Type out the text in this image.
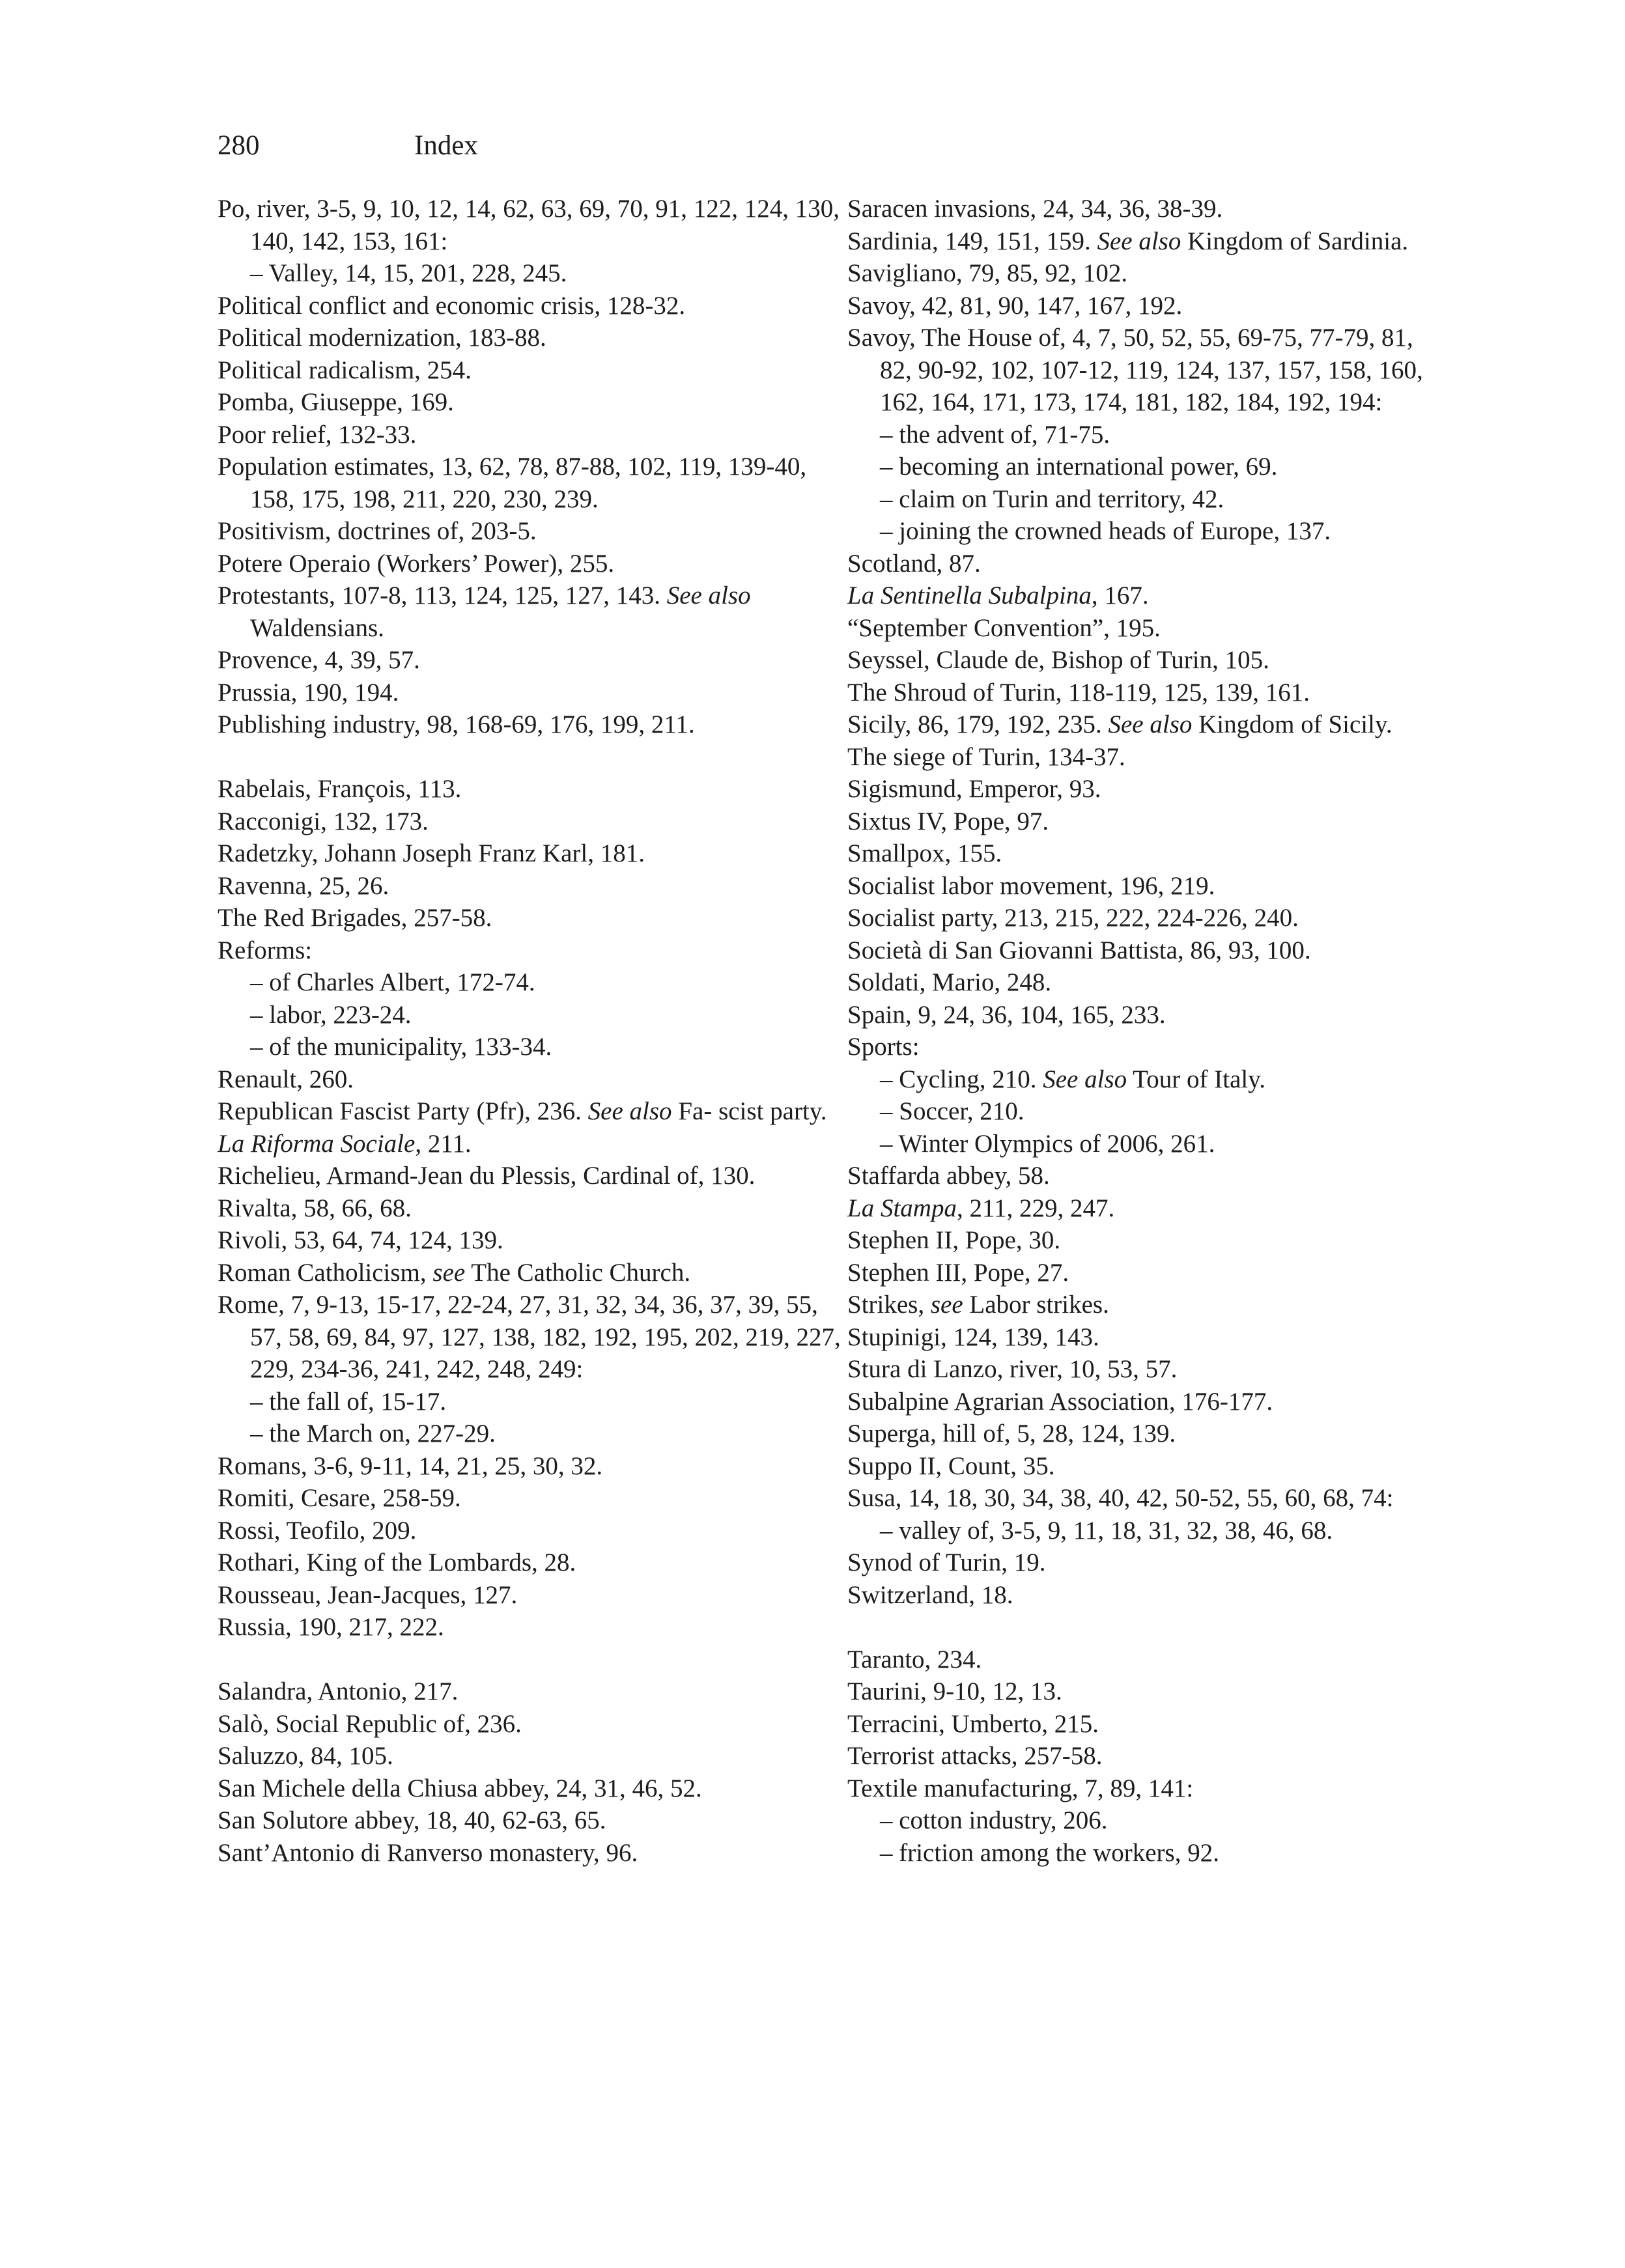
280	Index
Po, river, 3-5, 9, 10, 12, 14, 62, 63, 69, 70, 91, 122, 124, 130, 140, 142, 153, 161:
– Valley, 14, 15, 201, 228, 245.
Political conflict and economic crisis, 128-32.
Political modernization, 183-88.
Political radicalism, 254.
Pomba, Giuseppe, 169.
Poor relief, 132-33.
Population estimates, 13, 62, 78, 87-88, 102, 119, 139-40, 158, 175, 198, 211, 220, 230, 239.
Positivism, doctrines of, 203-5.
Potere Operaio (Workers’ Power), 255.
Protestants, 107-8, 113, 124, 125, 127, 143. See also Waldensians.
Provence, 4, 39, 57.
Prussia, 190, 194.
Publishing industry, 98, 168-69, 176, 199, 211.
Rabelais, François, 113.
Racconigi, 132, 173.
Radetzky, Johann Joseph Franz Karl, 181.
Ravenna, 25, 26.
The Red Brigades, 257-58.
Reforms:
– of Charles Albert, 172-74.
– labor, 223-24.
– of the municipality, 133-34.
Renault, 260.
Republican Fascist Party (Pfr), 236. See also Fa- scist party.
La Riforma Sociale, 211.
Richelieu, Armand-Jean du Plessis, Cardinal of, 130.
Rivalta, 58, 66, 68.
Rivoli, 53, 64, 74, 124, 139.
Roman Catholicism, see The Catholic Church.
Rome, 7, 9-13, 15-17, 22-24, 27, 31, 32, 34, 36, 37, 39, 55, 57, 58, 69, 84, 97, 127, 138, 182, 192, 195, 202, 219, 227, 229, 234-36, 241, 242, 248, 249:
– the fall of, 15-17.
– the March on, 227-29.
Romans, 3-6, 9-11, 14, 21, 25, 30, 32.
Romiti, Cesare, 258-59.
Rossi, Teofilo, 209.
Rothari, King of the Lombards, 28.
Rousseau, Jean-Jacques, 127.
Russia, 190, 217, 222.
Salandra, Antonio, 217.
Salò, Social Republic of, 236.
Saluzzo, 84, 105.
San Michele della Chiusa abbey, 24, 31, 46, 52.
San Solutore abbey, 18, 40, 62-63, 65.
Sant’Antonio di Ranverso monastery, 96.
Saracen invasions, 24, 34, 36, 38-39.
Sardinia, 149, 151, 159. See also Kingdom of Sardinia.
Savigliano, 79, 85, 92, 102.
Savoy, 42, 81, 90, 147, 167, 192.
Savoy, The House of, 4, 7, 50, 52, 55, 69-75, 77-79, 81, 82, 90-92, 102, 107-12, 119, 124, 137, 157, 158, 160, 162, 164, 171, 173, 174, 181, 182, 184, 192, 194:
– the advent of, 71-75.
– becoming an international power, 69.
– claim on Turin and territory, 42.
– joining the crowned heads of Europe, 137.
Scotland, 87.
La Sentinella Subalpina, 167.
“September Convention”, 195.
Seyssel, Claude de, Bishop of Turin, 105.
The Shroud of Turin, 118-119, 125, 139, 161.
Sicily, 86, 179, 192, 235. See also Kingdom of Sicily.
The siege of Turin, 134-37.
Sigismund, Emperor, 93.
Sixtus IV, Pope, 97.
Smallpox, 155.
Socialist labor movement, 196, 219.
Socialist party, 213, 215, 222, 224-226, 240.
Società di San Giovanni Battista, 86, 93, 100.
Soldati, Mario, 248.
Spain, 9, 24, 36, 104, 165, 233.
Sports:
– Cycling, 210. See also Tour of Italy.
– Soccer, 210.
– Winter Olympics of 2006, 261.
Staffarda abbey, 58.
La Stampa, 211, 229, 247.
Stephen II, Pope, 30.
Stephen III, Pope, 27.
Strikes, see Labor strikes.
Stupinigi, 124, 139, 143.
Stura di Lanzo, river, 10, 53, 57.
Subalpine Agrarian Association, 176-177.
Superga, hill of, 5, 28, 124, 139.
Suppo II, Count, 35.
Susa, 14, 18, 30, 34, 38, 40, 42, 50-52, 55, 60, 68, 74:
– valley of, 3-5, 9, 11, 18, 31, 32, 38, 46, 68.
Synod of Turin, 19.
Switzerland, 18.
Taranto, 234.
Taurini, 9-10, 12, 13.
Terracini, Umberto, 215.
Terrorist attacks, 257-58.
Textile manufacturing, 7, 89, 141:
– cotton industry, 206.
– friction among the workers, 92.
